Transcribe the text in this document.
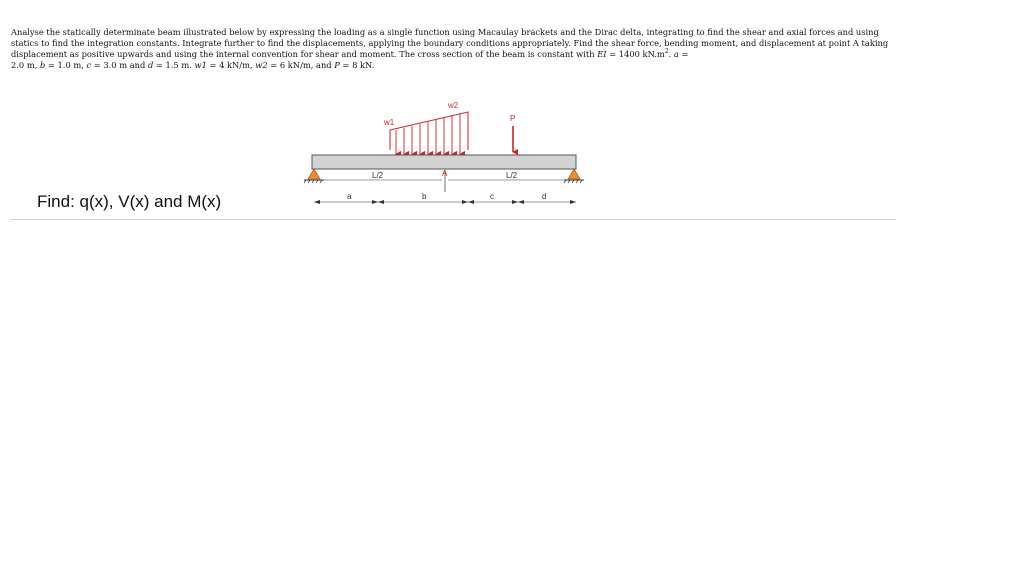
Analyse the statically determinate beam illustrated below by expressing the loading as a single function using Macaulay brackets and the Dirac delta, integrating to find the shear and axial forces and using statics to find the integration constants. Integrate further to find the displacements, applying the boundary conditions appropriately. Find the shear force, bending moment, and displacement at point A taking displacement as positive upwards and using the internal convention for shear and moment. The cross section of the beam is constant with EI = 1400 $kN.m^2$. a =
2.0 m, b = 1.0 m, c = 3.0 m and d = 1.5 m. w1 = 4 kN/m, w2 = 6 kN/m, and P = 8 kN.

w1
w2
P
L/2	L/2
A
a	b	c	d
Find: q(x), V(x) and M(x)
